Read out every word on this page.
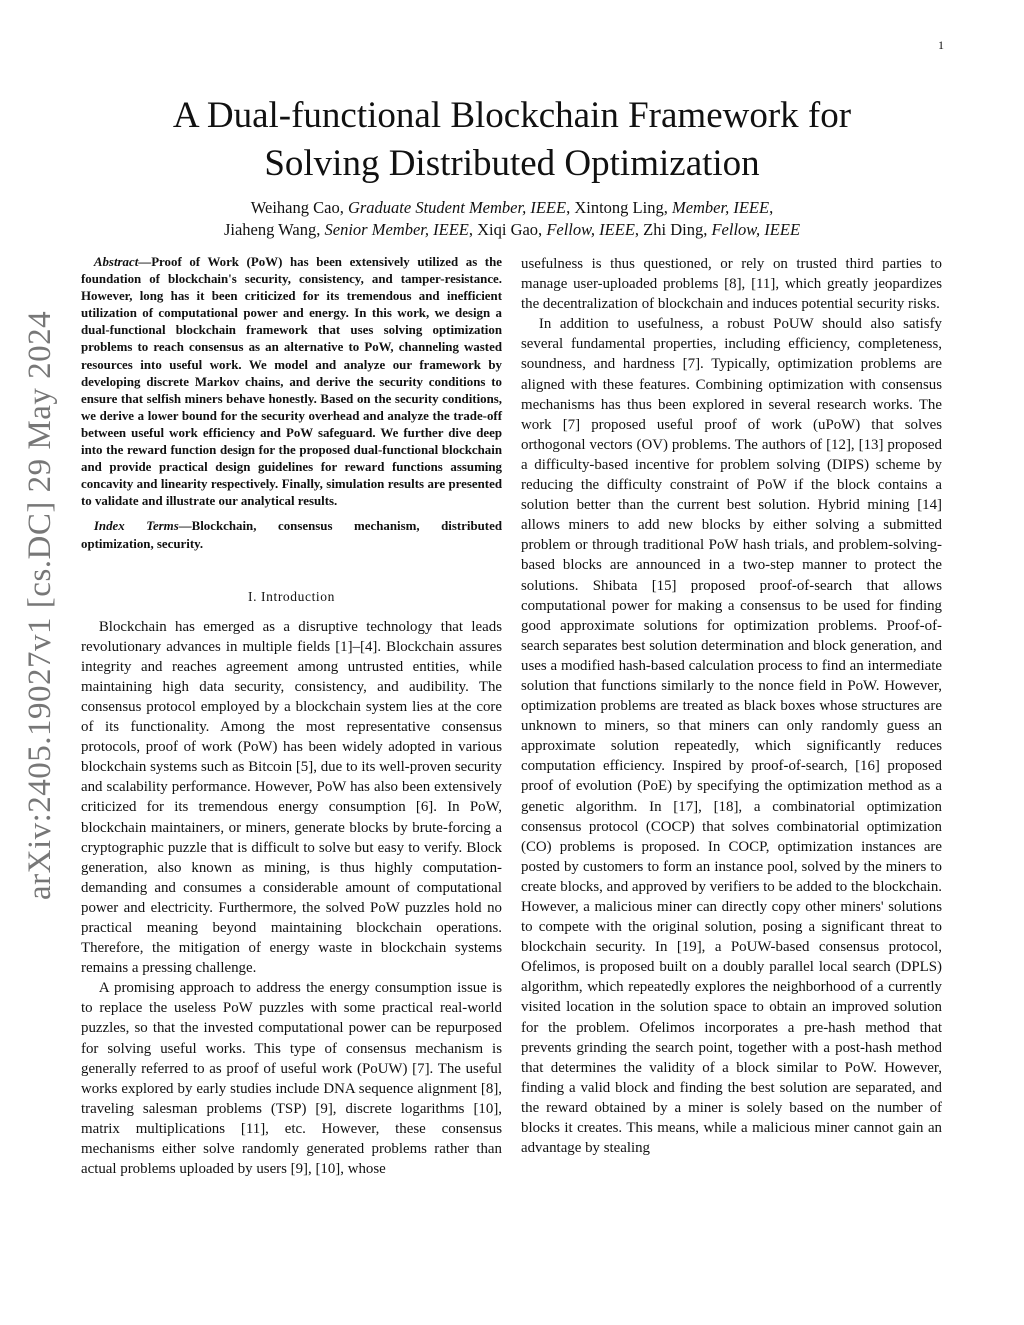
1
arXiv:2405.19027v1 [cs.DC] 29 May 2024
A Dual-functional Blockchain Framework for
Solving Distributed Optimization
Weihang Cao, Graduate Student Member, IEEE, Xintong Ling, Member, IEEE,
Jiaheng Wang, Senior Member, IEEE, Xiqi Gao, Fellow, IEEE, Zhi Ding, Fellow, IEEE

Abstract—Proof of Work (PoW) has been extensively utilized as the foundation of blockchain's security, consistency, and tamper-resistance. However, long has it been criticized for its tremendous and inefficient utilization of computational power and energy. In this work, we design a dual-functional blockchain framework that uses solving optimization problems to reach consensus as an alternative to PoW, channeling wasted resources into useful work. We model and analyze our framework by developing discrete Markov chains, and derive the security conditions to ensure that selfish miners behave honestly. Based on the security conditions, we derive a lower bound for the security overhead and analyze the trade-off between useful work efficiency and PoW safeguard. We further dive deep into the reward function design for the proposed dual-functional blockchain and provide practical design guidelines for reward functions assuming concavity and linearity respectively. Finally, simulation results are presented to validate and illustrate our analytical results.

Index Terms—Blockchain, consensus mechanism, distributed optimization, security.

I. Introduction

Blockchain has emerged as a disruptive technology that leads revolutionary advances in multiple fields [1]–[4]. Blockchain assures integrity and reaches agreement among untrusted entities, while maintaining high data security, consistency, and audibility. The consensus protocol employed by a blockchain system lies at the core of its functionality. Among the most representative consensus protocols, proof of work (PoW) has been widely adopted in various blockchain systems such as Bitcoin [5], due to its well-proven security and scalability performance. However, PoW has also been extensively criticized for its tremendous energy consumption [6]. In PoW, blockchain maintainers, or miners, generate blocks by brute-forcing a cryptographic puzzle that is difficult to solve but easy to verify. Block generation, also known as mining, is thus highly computation-demanding and consumes a considerable amount of computational power and electricity. Furthermore, the solved PoW puzzles hold no practical meaning beyond maintaining blockchain operations. Therefore, the mitigation of energy waste in blockchain systems remains a pressing challenge.

A promising approach to address the energy consumption issue is to replace the useless PoW puzzles with some practical real-world puzzles, so that the invested computational power can be repurposed for solving useful works. This type of consensus mechanism is generally referred to as proof of useful work (PoUW) [7]. The useful works explored by early studies include DNA sequence alignment [8], traveling salesman problems (TSP) [9], discrete logarithms [10], matrix multiplications [11], etc. However, these consensus mechanisms either solve randomly generated problems rather than actual problems uploaded by users [9], [10], whose

usefulness is thus questioned, or rely on trusted third parties to manage user-uploaded problems [8], [11], which greatly jeopardizes the decentralization of blockchain and induces potential security risks.

In addition to usefulness, a robust PoUW should also satisfy several fundamental properties, including efficiency, completeness, soundness, and hardness [7]. Typically, optimization problems are aligned with these features. Combining optimization with consensus mechanisms has thus been explored in several research works. The work [7] proposed useful proof of work (uPoW) that solves orthogonal vectors (OV) problems. The authors of [12], [13] proposed a difficulty-based incentive for problem solving (DIPS) scheme by reducing the difficulty constraint of PoW if the block contains a solution better than the current best solution. Hybrid mining [14] allows miners to add new blocks by either solving a submitted problem or through traditional PoW hash trials, and problem-solving-based blocks are announced in a two-step manner to protect the solutions. Shibata [15] proposed proof-of-search that allows computational power for making a consensus to be used for finding good approximate solutions for optimization problems. Proof-of-search separates best solution determination and block generation, and uses a modified hash-based calculation process to find an intermediate solution that functions similarly to the nonce field in PoW. However, optimization problems are treated as black boxes whose structures are unknown to miners, so that miners can only randomly guess an approximate solution repeatedly, which significantly reduces computation efficiency. Inspired by proof-of-search, [16] proposed proof of evolution (PoE) by specifying the optimization method as a genetic algorithm. In [17], [18], a combinatorial optimization consensus protocol (COCP) that solves combinatorial optimization (CO) problems is proposed. In COCP, optimization instances are posted by customers to form an instance pool, solved by the miners to create blocks, and approved by verifiers to be added to the blockchain. However, a malicious miner can directly copy other miners' solutions to compete with the original solution, posing a significant threat to blockchain security. In [19], a PoUW-based consensus protocol, Ofelimos, is proposed built on a doubly parallel local search (DPLS) algorithm, which repeatedly explores the neighborhood of a currently visited location in the solution space to obtain an improved solution for the problem. Ofelimos incorporates a pre-hash method that prevents grinding the search point, together with a post-hash method that determines the validity of a block similar to PoW. However, finding a valid block and finding the best solution are separated, and the reward obtained by a miner is solely based on the number of blocks it creates. This means, while a malicious miner cannot gain an advantage by stealing
